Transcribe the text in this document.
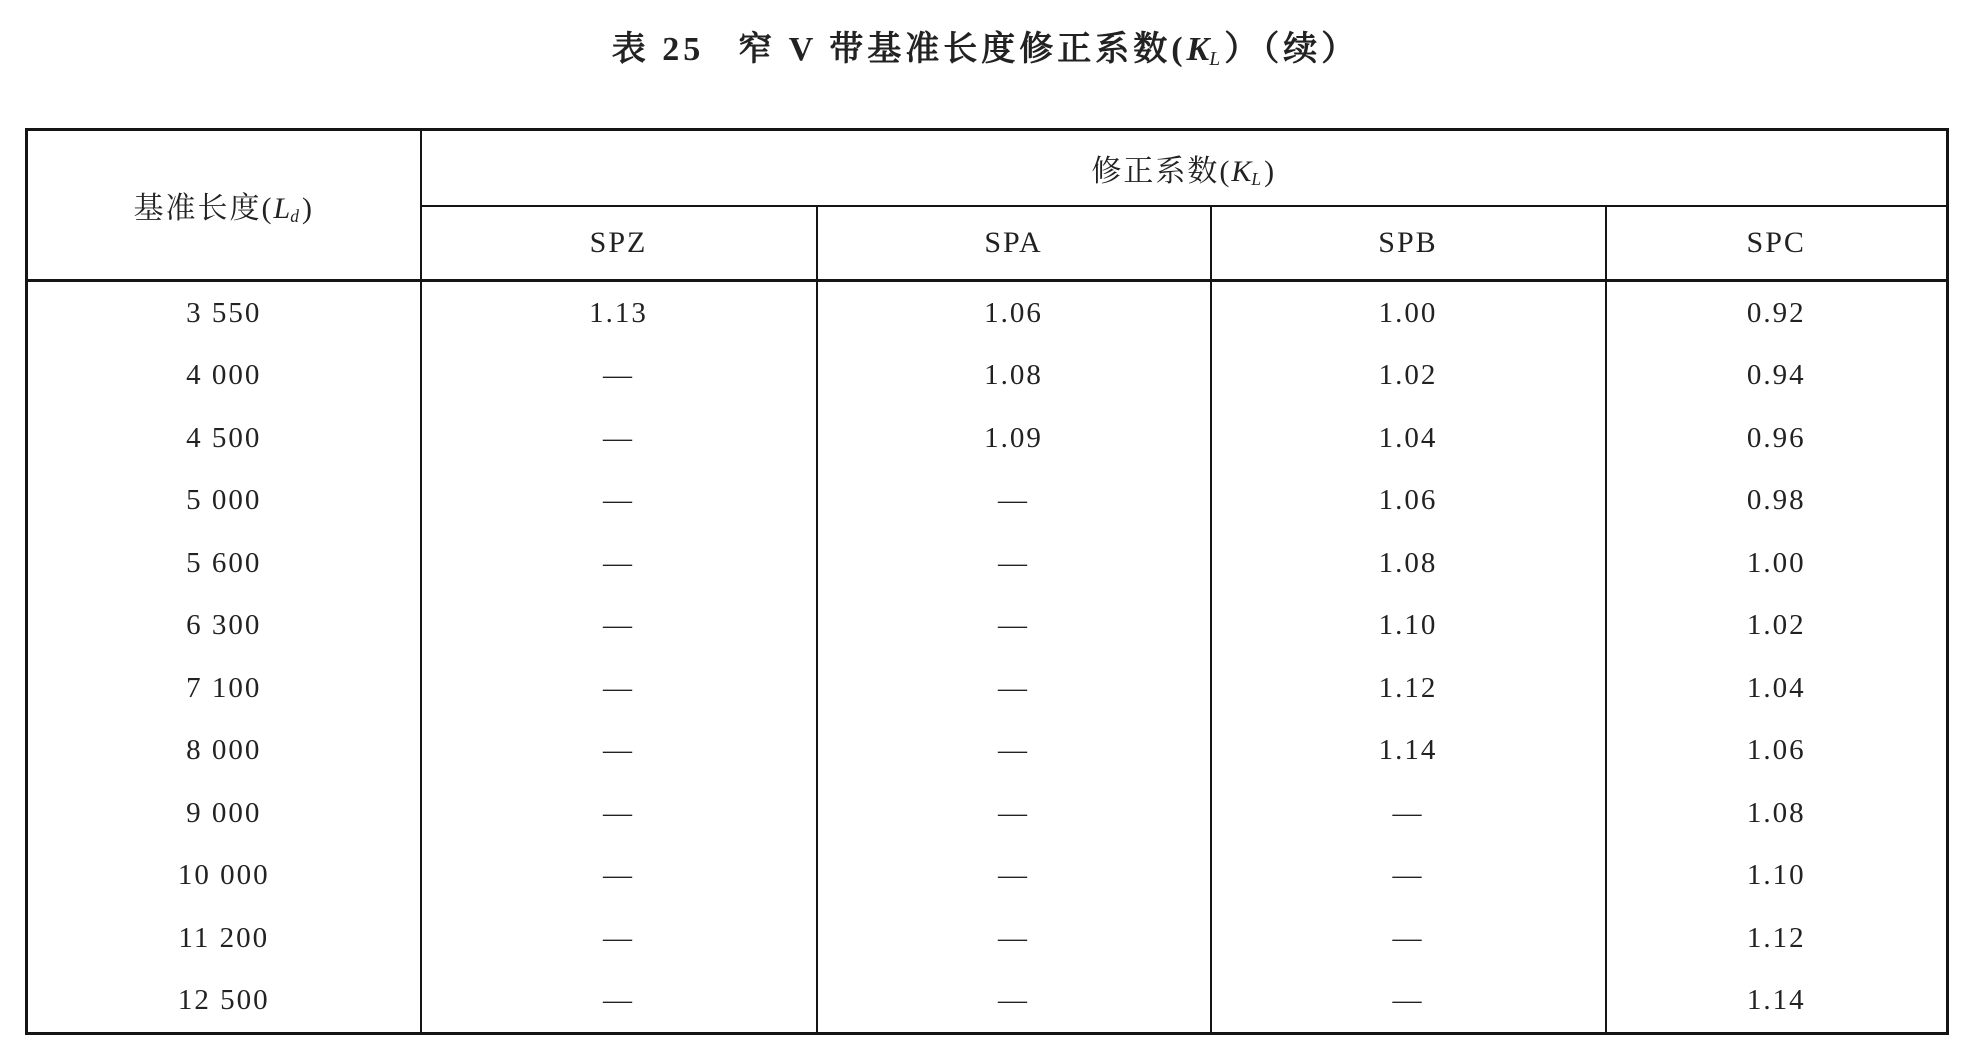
表 25 窄 V 带基准长度修正系数($K_L$ ）（续）
基准长度($L_d$ )	修正系数($K_L$ )			
	SPZ	SPA	SPB	SPC
3 550	1.13	1.06	1.00	0.92
4 000	—	1.08	1.02	0.94
4 500	—	1.09	1.04	0.96
5 000	—	—	1.06	0.98
5 600	—	—	1.08	1.00
6 300	—	—	1.10	1.02
7 100	—	—	1.12	1.04
8 000	—	—	1.14	1.06
9 000	—	—	—	1.08
10 000	—	—	—	1.10
11 200	—	—	—	1.12
12 500	—	—	—	1.14
